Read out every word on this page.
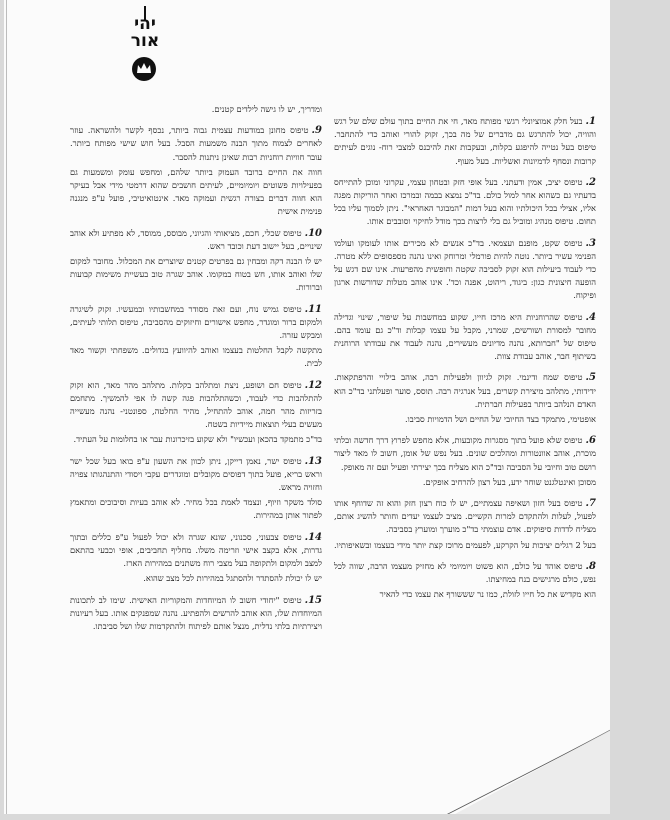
יהי אור
1.בעל חלק אמוציונלי רגשי מפותח מאד, חי את החיים בתוך עולם שלם של רגש והוויה, יכול להתרגש גם מדברים של מה בכך, זקוק להורי ואוהב כדי להתחבר. טיפוס בעל נטייה להיפגע בקלות, ובעקבות זאת להיכנס למצבי רוח- נוגים לעיתים קרובות ונסחף לדמיונות ואשליות. בעל מעוף.
2.טיפוס יציב, אמין ודעתני. בעל אופי חזק ובטחון עצמי, עקרוני ומוכן להתייחס בדעתיו גם כשהוא אחר למול כולם. בד"כ נמצא בבמה ובמרכז ואחר הוריקות מפגה אליו, אצילי בכל היכולתיו והוא בעל דמות "המבוגר האחראי". ניתן לסמוך עליו בכל תחום. טיפוס מנהיג ומוביל גם בלי לרצות בכך מודל לחיקוי וסובבים אותו.
3.טיפוס שקט, מופנם ועצמאי. בד"כ אנשים לא מכירים אותו לעומקו ועולמו הפנימי עשיר ביותר. נוטה להיות פורמלי ומרוחק ואינו נהנה מספסופים ללא מטרה. כדי לעבוד ביעילות הוא זקוק לסביבה שקטה וחופשית מהפרעות. אינו שם דגש על הופעה חיצונית כגון: ביגוד, ריהוט, אפנה וכד'. אינו אוהב מטלות שדורשות ארגון ופיקוח.
4.טיפוס שהרוחניות היא מרכז חייו, שקוע במחשבות על שיפור, שינוי וגדילה מחובר למסורת ושורשים, שמרני, מקבל על עצמו קבלות וד"כ גם עומד בהם. טיפוס של "חברותא, נהנה מדיונים מעשירים, נהנה לעבוד את עבודתו הרוחנית בשיתוף חבר, אוהב עבודת צוות.
5.טיפוס שמח ודינמי. זקוק לגיוון ולפעילות רבה, אוהב בילויי והרפתקאות. ידידותי, מתלהב מיצירת קשרים, בעל אנרגיה רבה. תוסס, סוער ופעלתני בד"כ הוא האדם הנלהב ביותר בפעילות חברתית.
אופטימי, מתמקד בצד החיובי של החיים ושל הדמויות סביבו.
6.טיפוס שלא פועל בתוך מסגרות מקובעות, אלא מחפש לפרוץ דרך חדשה ובלתי מוכרת, אוהב אוונטורות ומהלכים שונים. בעל נפש של אומן, חשוב לו מאד ליצור רושם טוב וחיובי על הסביבה ובד"כ הוא מצליח בכך יצירתי ופעיל ועם זה מאופק.
מסוכן ואינטלגנט שוחר ידע, בעל רצון להרחיב אופקים.
7.טיפוס בעל חזון ושאיפה עצמתיים, יש לו כוח רצון חזק והוא זה שדוחף אותו לפעול, לעלות ולהתקדם למרות הקשיים. מציב לעצמו יעדים וחותר להשיג אותם, מצליח לדדות סיפוקים. אדם עוצמתי בד"כ מוערך ומוערץ בסביבה.
בעל 2 רגלים יציבות על הקרקע, לפעמים מרוכז קצת יותר מידי בעצמו ובשאיפותיו.
8.טיפוס אוהד על כולם, הוא פשוט ויומיומי לא מחזיק מעצמו הרבה, שווה לכל נפש, כולם מרגישים בנח במחיצתו.
הוא מקדיש את כל חייו לזולת, כמו נר שששורף את עצמו כדי להאיר
ומדריך, יש לו גישה לילדים קטנים.
9.טיפוס מחונן במודעות עצמית גבוה ביותר, נכסף לקשר ולהשראה. עוזר לאחרים לצמוח מתוך הבנה משמעות הסבל. בעל חוש שישי מפותח ביותר. עובר חוויות רוחניות רבות שאינן ניתנות להסבר.
חווה את החיים ברובד העמוק ביותר שלהם, ומחפש עומק ומשמעות גם בפעילויות פשוטים ויומיומיים, לעיתים חושבים שהוא דרמטי מידי אבל בעיקר הוא חווה דברים בצורה רגשית ועמוקה מאד. אינטואיטיבי, פועל ע"פ מנגנה פנימית אישית
10.טיפוס שכלי, חכם, מציאותי והגיוני, מבוסס, ממוסד, לא מפתיע ולא אוהב שינויים, בעל יישוב דעת וכובד ראש.
יש לו הבנה דקה ומבחין גם בפרטים קטנים שיוצרים את המכלול. מחובר למקום שלו ואוהב אותו, חש בטוח במקומו. אוהב שגרה טוב בעשיית משימות קבועות וברורות.
11.טיפוס גמיש נוח, ועם זאת מסודר במחשבותיו ובמעשיו. זקוק לשיגרה ולמקום ברור ומוגדר, מחפש אישורים וחיזוקים מהסביבה, טיפוס תלותי לעיתים, ומבקש עזרה.
מתקשה לקבל החלטות בעצמו ואוהב להיוועץ בגדולים. משפחתי וקשור מאד לבית.
12.טיפוס חם ושופע, ניצת ומתלהב בקלות. מתלהב מהר מאד, הוא זקוק להתלהבות כדי לעבוד, וכשהתלהבות פגה קשה לו אפי להמשיך. מתחמם בזריזות מהר חמה, אוהב להתחיל, מהיר החלטה, ספונטני- נהנה מעשייה מעשים בעלי תוצאות מיידיות בשטח.
בד"כ מתמקד בהכאן ועכשיו" ולא שקוע בזיכרונות עבר או בחלומות על העתיד.
13.טיפוס ישר, נאמן דייקן, ניתן לכוון את השעון ע"פ בואו בעל שכל ישר וראש בריא, פועל בתוך דפוסים מקובלים ומוגדרים עקבי ויסודי והתנהגותו צפויה וחזויה מראש.
סולד משקר וזיוף, ונצמד לאמת בכל מחיר. לא אוהב בעיות וסיבוכים ומתאמץ לפתור אותן במהירות.
14.טיפוס צבעוני, סכנוני, שונא שגרה ולא יכול לפעול ע"פ כללים ובתוך גדרות, אלא בקצב אישי וזרימה משלו. מחליף תחביבים, אופי וכבעי בהתאם למצב ולמקום ולתקופה בעל מצבי רוח משתנים במהירות הארז.
יש לו יכולת להסתדר ולהסתגל במהירות לכל מצב שהוא.
15.טיפוס "יחודי חשוב לו המיוחדות והמקוריות האישית. שימו לב לתכונות המיוחדות שלו, הוא אוהב להרשים ולהפתיע. נהנה שמפנקים אותו. בעל רעיונות ויצירתיות בלתי נדלית, מנצל אותם לפיתוח ולהתקדמות שלו ושל סביבתו.
